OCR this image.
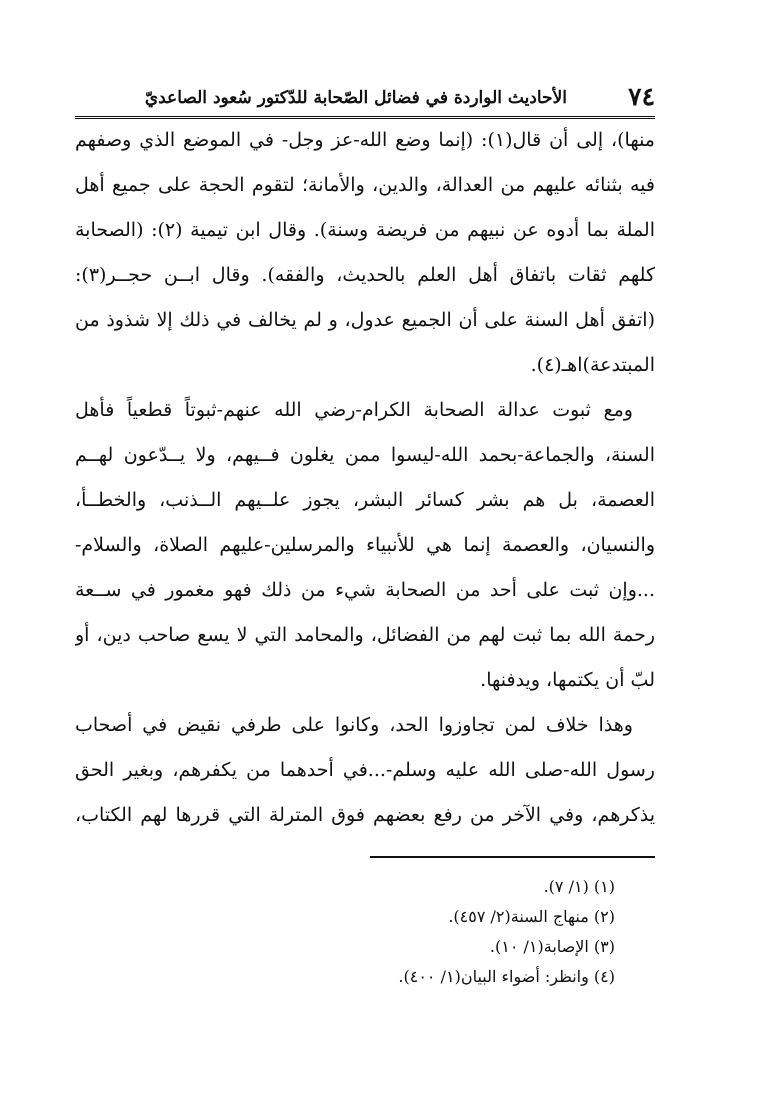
٧٤
الأحاديث الواردة في فضائل الصّحابة للدّكتور سُعود الصاعديّ
منها)، إلى أن قال(١): (إنما وضع الله-عز وجل- في الموضع الذي وصفهم
فيه بثنائه عليهم من العدالة، والدين، والأمانة؛ لتقوم الحجة على جميع أهل
الملة بما أدوه عن نبيهم من فريضة وسنة). وقال ابن تيمية (٢): (الصحابة
كلهم ثقات باتفاق أهل العلم بالحديث، والفقه). وقال ابــن حجــر(٣):
(اتفق أهل السنة على أن الجميع عدول، و لم يخالف في ذلك إلا شذوذ من
المبتدعة)اهـ(٤).
ومع ثبوت عدالة الصحابة الكرام-رضي الله عنهم-ثبوتاً قطعياً فأهل
السنة، والجماعة-بحمد الله-ليسوا ممن يغلون فــيهم، ولا يــدّعون لهــم
العصمة، بل هم بشر كسائر البشر، يجوز علــيهم الــذنب، والخطــأ،
والنسيان، والعصمة إنما هي للأنبياء والمرسلين-عليهم الصلاة، والسلام-
...وإن ثبت على أحد من الصحابة شيء من ذلك فهو مغمور في ســعة
رحمة الله بما ثبت لهم من الفضائل، والمحامد التي لا يسع صاحب دين، أو
لبّ أن يكتمها، ويدفنها.
وهذا خلاف لمن تجاوزوا الحد، وكانوا على طرفي نقيض في أصحاب
رسول الله-صلى الله عليه وسلم-...في أحدهما من يكفرهم، وبغير الحق
يذكرهم، وفي الآخر من رفع بعضهم فوق المترلة التي قررها لهم الكتاب،
(١) (١/ ٧).
(٢) منهاج السنة(٢/ ٤٥٧).
(٣) الإصابة(١/ ١٠).
(٤) وانظر: أضواء البيان(١/ ٤٠٠).
